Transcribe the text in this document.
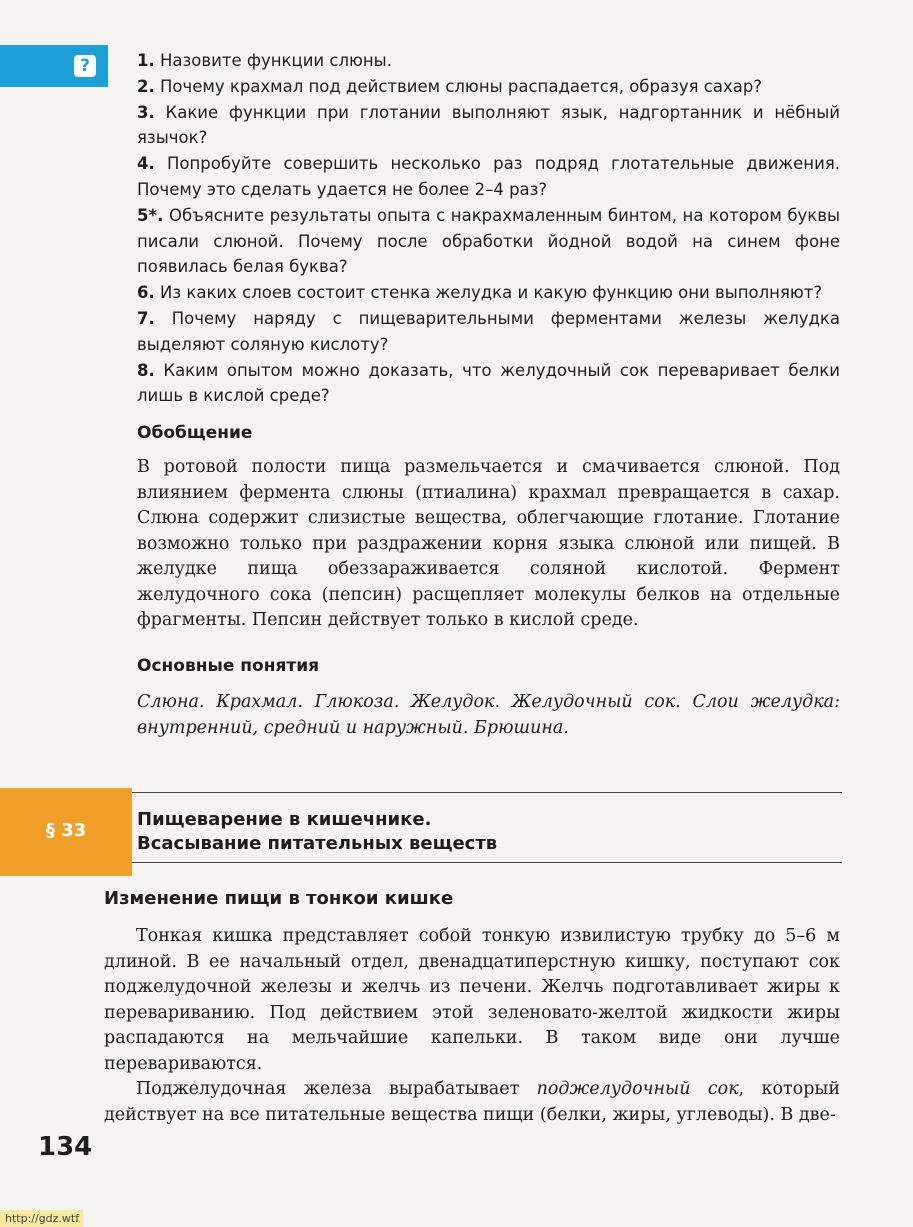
?	1. Назовите функции слюны.

2. Почему крахмал под действием слюны распадается, образуя сахар?

3. Какие функции при глотании выполняют язык, надгортанник и нёбный язычок?

4. Попробуйте совершить несколько раз подряд глотательные движения. Почему это сделать удается не более 2–4 раз?

5*. Объясните результаты опыта с накрахмаленным бинтом, на котором буквы писали слюной. Почему после обработки йодной водой на синем фоне появилась белая буква?

6. Из каких слоев состоит стенка желудка и какую функцию они выполняют?

7. Почему наряду с пищеварительными ферментами железы желудка выделяют соляную кислоту?

8. Каким опытом можно доказать, что желудочный сок переваривает белки лишь в кислой среде?

Обобщение
В ротовой полости пища размельчается и смачивается слюной. Под влиянием фермента слюны (птиалина) крахмал превращается в сахар. Слюна содержит слизистые вещества, облегчающие глотание. Глотание возможно только при раздражении корня языка слюной или пищей. В желудке пища обеззараживается соляной кислотой. Фермент желудочного сока (пепсин) расщепляет молекулы белков на отдельные фрагменты. Пепсин действует только в кислой среде.
Основные понятия
Слюна. Крахмал. Глюкоза. Желудок. Желудочный сок. Слои желудка: внутренний, средний и наружный. Брюшина.
§ 33
Пищеварение в кишечнике.
Всасывание питательных веществ
Изменение пищи в тонкои кишке

Тонкая кишка представляет собой тонкую извилистую трубку до 5–6 м длиной. В ее начальный отдел, двенадцатиперстную кишку, поступают сок поджелудочной железы и желчь из печени. Желчь подготавливает жиры к перевариванию. Под действием этой зеленовато-желтой жидкости жиры распадаются на мельчайшие капельки. В таком виде они лучше перевариваются.

Поджелудочная железа вырабатывает поджелудочный сок, который действует на все питательные вещества пищи (белки, жиры, углеводы). В две-

134
http://gdz.wtf
